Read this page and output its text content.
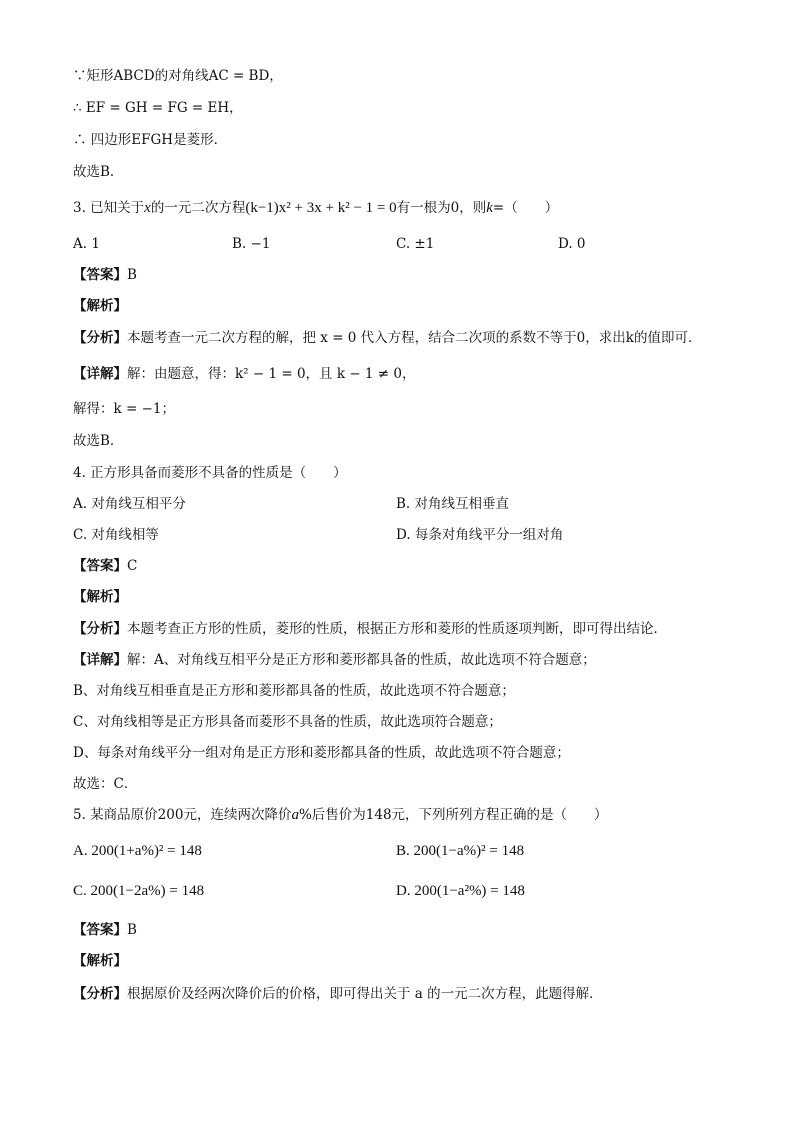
∵矩形ABCD的对角线AC = BD，
∴ EF = GH = FG = EH，
∴ 四边形EFGH是菱形．
故选B．
3. 已知关于x的一元二次方程(k−1)x² + 3x + k² − 1 = 0有一根为0，则k=（　　）
A. 1	B. −1	C. ±1	D. 0
【答案】B
【解析】
【分析】本题考查一元二次方程的解，把 x = 0 代入方程，结合二次项的系数不等于0，求出k的值即可．
【详解】解：由题意，得：k² − 1 = 0，且 k − 1 ≠ 0，
解得：k = −1；
故选B．
4. 正方形具备而菱形不具备的性质是（　　）
A. 对角线互相平分	B. 对角线互相垂直
C. 对角线相等	D. 每条对角线平分一组对角
【答案】C
【解析】
【分析】本题考查正方形的性质，菱形的性质，根据正方形和菱形的性质逐项判断，即可得出结论．
【详解】解：A、对角线互相平分是正方形和菱形都具备的性质，故此选项不符合题意；
B、对角线互相垂直是正方形和菱形都具备的性质，故此选项不符合题意；
C、对角线相等是正方形具备而菱形不具备的性质，故此选项符合题意；
D、每条对角线平分一组对角是正方形和菱形都具备的性质，故此选项不符合题意；
故选：C．
5. 某商品原价200元，连续两次降价a%后售价为148元，下列所列方程正确的是（　　）
A. 200(1+a%)² = 148	B. 200(1−a%)² = 148
C. 200(1−2a%) = 148	D. 200(1−a²%) = 148
【答案】B
【解析】
【分析】根据原价及经两次降价后的价格，即可得出关于 a 的一元二次方程，此题得解．
